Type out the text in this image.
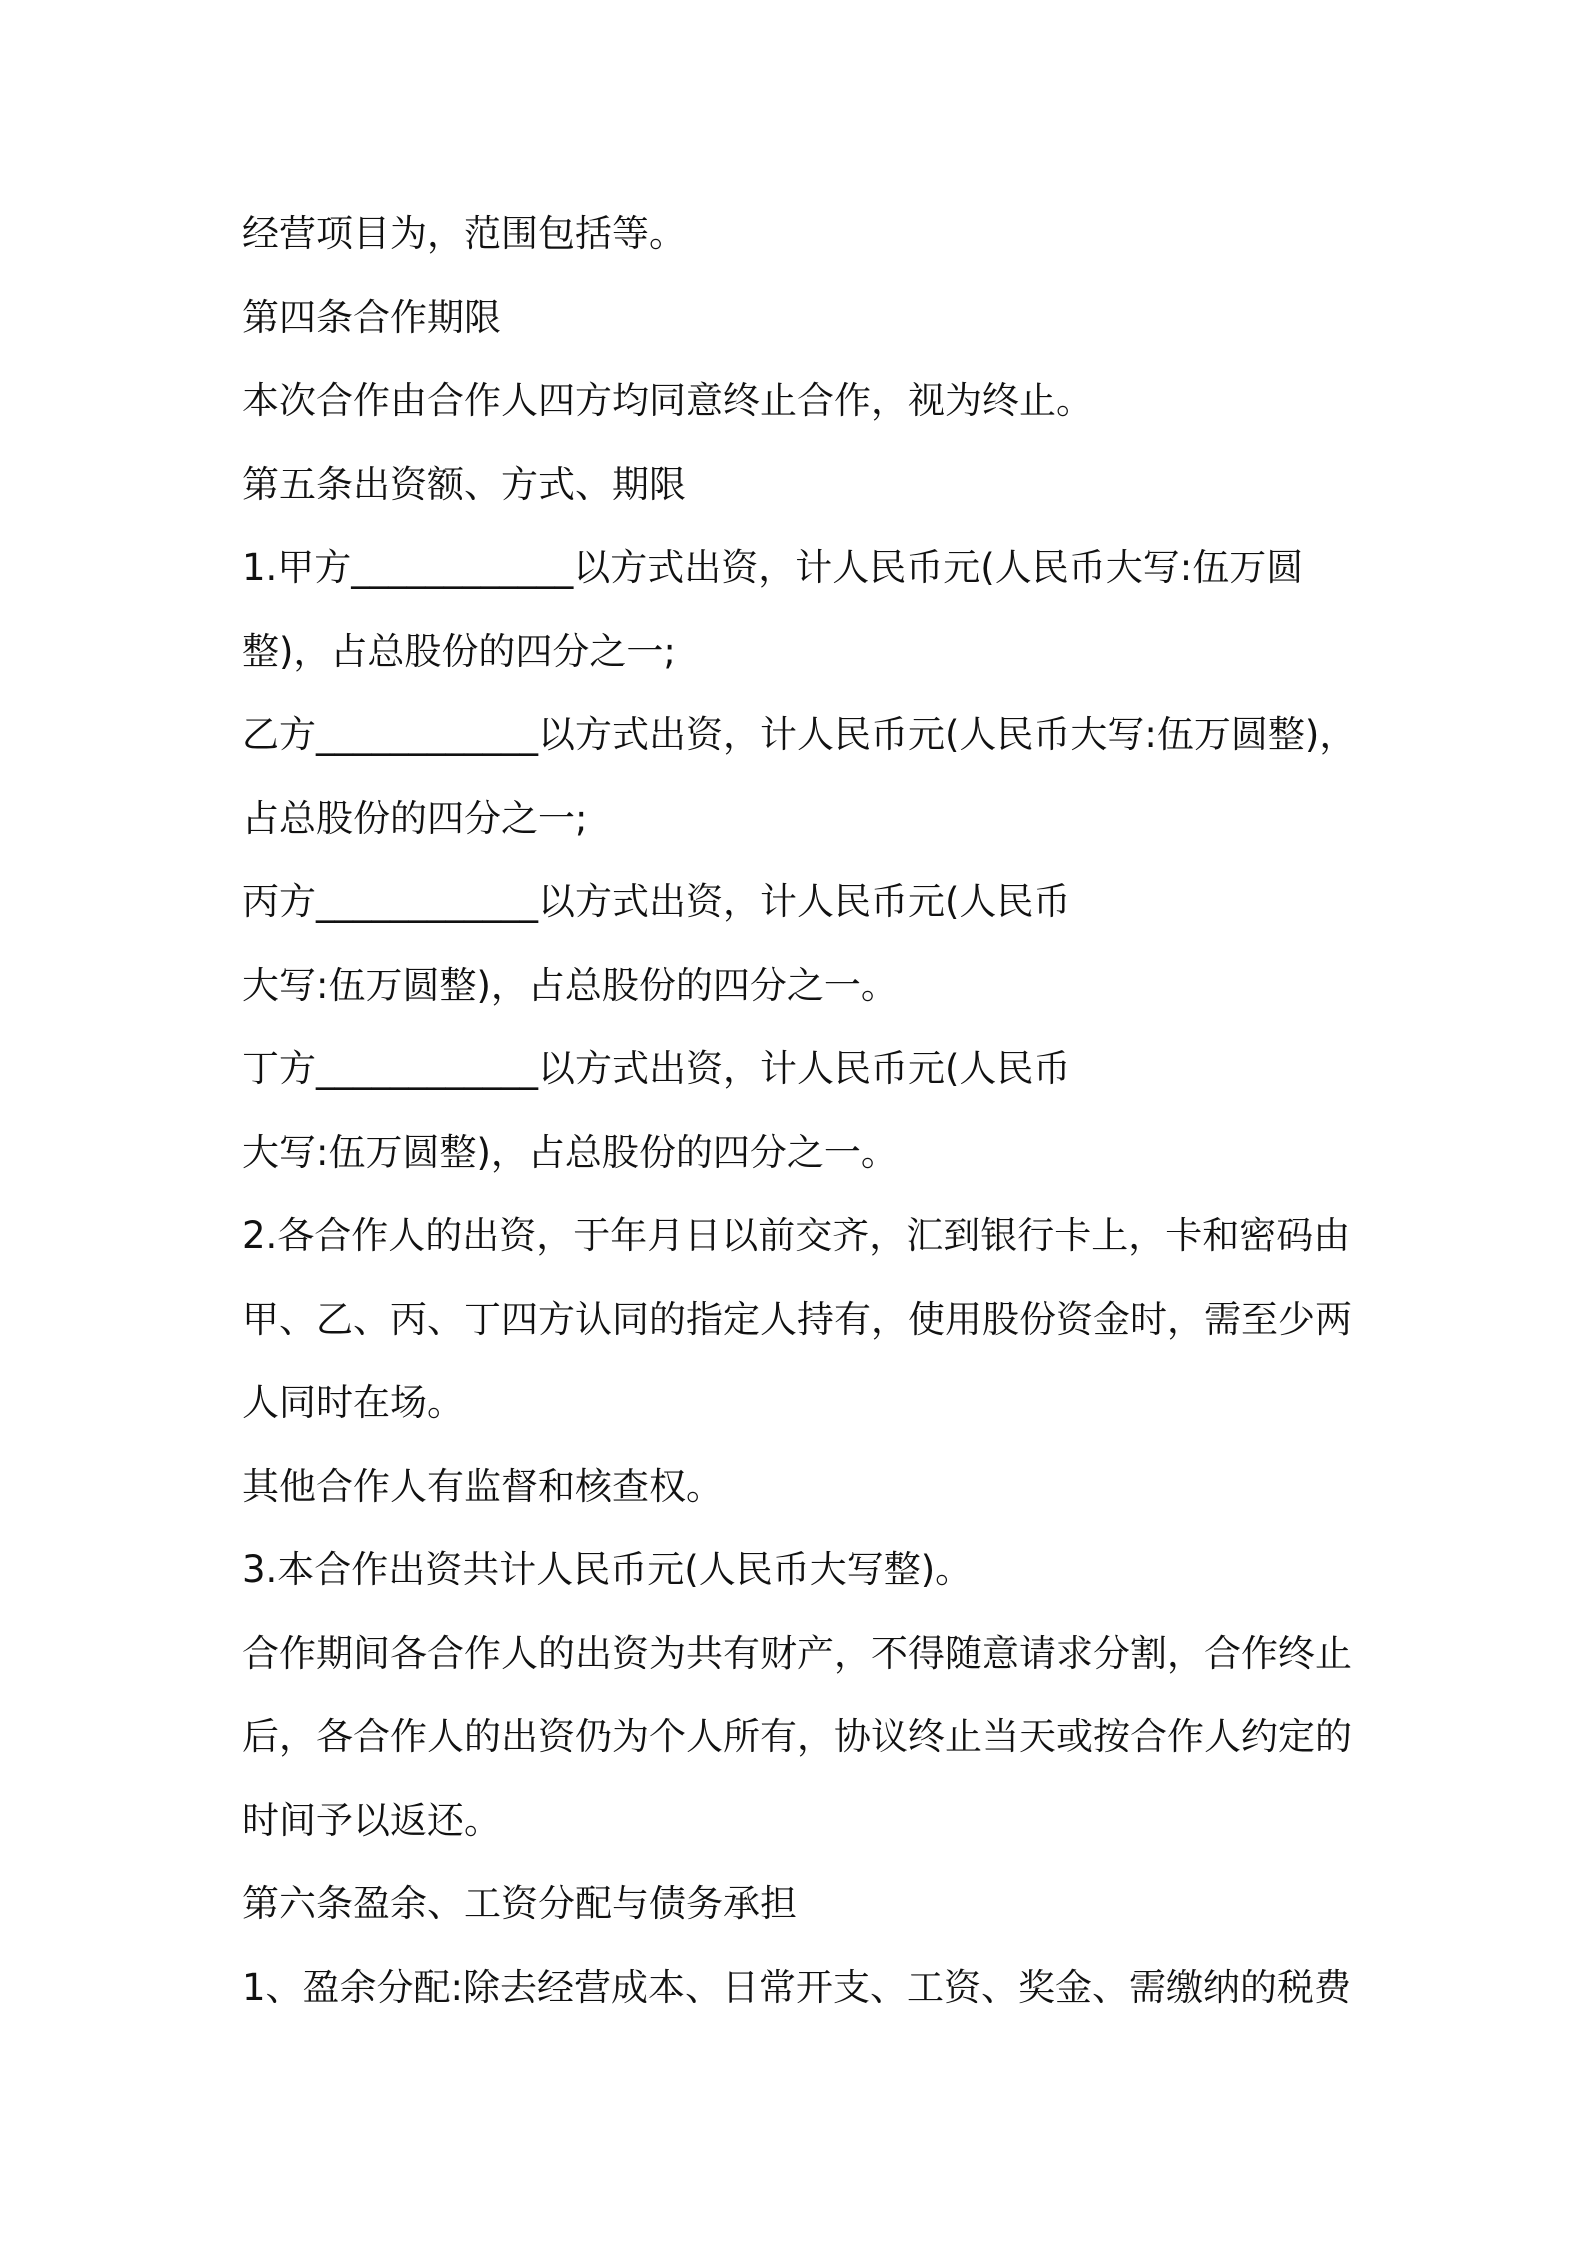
经营项目为，范围包括等。
第四条合作期限
本次合作由合作人四方均同意终止合作，视为终止。
第五条出资额、方式、期限
1.甲方____________以方式出资，计人民币元(人民币大写:伍万圆
整)，占总股份的四分之一;
乙方____________以方式出资，计人民币元(人民币大写:伍万圆整)，
占总股份的四分之一;
丙方____________以方式出资，计人民币元(人民币
大写:伍万圆整)，占总股份的四分之一。
丁方____________以方式出资，计人民币元(人民币
大写:伍万圆整)，占总股份的四分之一。
2.各合作人的出资，于年月日以前交齐，汇到银行卡上，卡和密码由
甲、乙、丙、丁四方认同的指定人持有，使用股份资金时，需至少两
人同时在场。
其他合作人有监督和核查权。
3.本合作出资共计人民币元(人民币大写整)。
合作期间各合作人的出资为共有财产，不得随意请求分割，合作终止
后，各合作人的出资仍为个人所有，协议终止当天或按合作人约定的
时间予以返还。
第六条盈余、工资分配与债务承担
1、盈余分配:除去经营成本、日常开支、工资、奖金、需缴纳的税费
